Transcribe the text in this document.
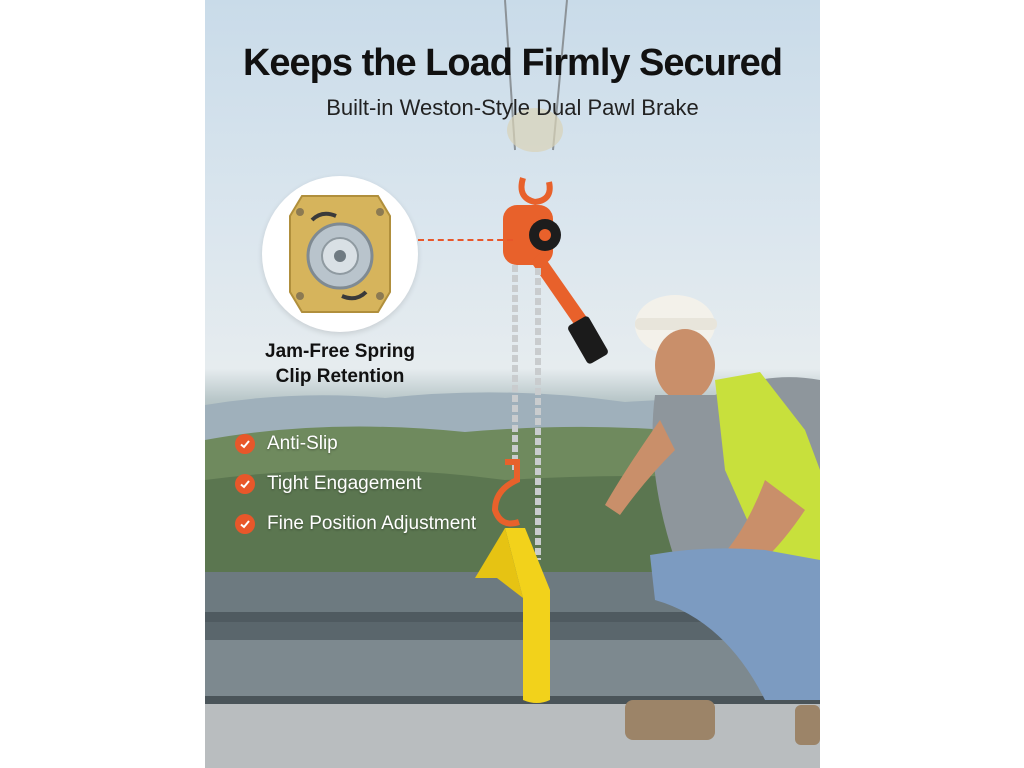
Keeps the Load Firmly Secured
Built-in Weston-Style Dual Pawl Brake
Jam-Free Spring
Clip Retention
Anti-Slip
Tight Engagement
Fine Position Adjustment
